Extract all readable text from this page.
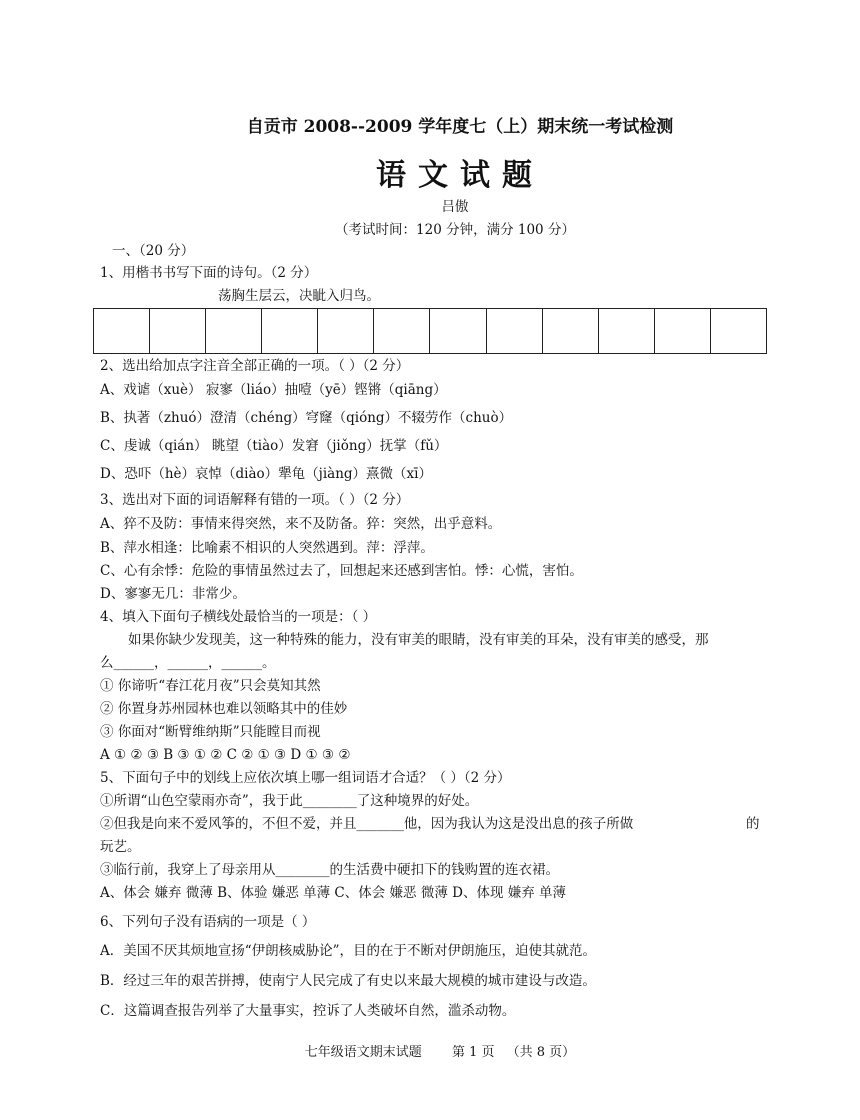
自贡市 2008--2009 学年度七（上）期末统一考试检测
语文试题
吕傲
（考试时间：120 分钟，满分 100 分）
一、（20 分）
1、用楷书书写下面的诗句。（2 分）
荡胸生层云，决眦入归鸟。
2、选出给加点字注音全部正确的一项。（ ）（2 分）
A、戏谑（xuè） 寂寥（liáo）抽噎（yē）铿锵（qiāng）
B、执著（zhuó）澄清（chéng）穹窿（qióng）不辍劳作（chuò）
C、虔诚（qián） 眺望（tiào）发窘（jiǒng）抚掌（fǔ）
D、恐吓（hè）哀悼（diào）犟龟（jiàng）熹微（xī）
3、选出对下面的词语解释有错的一项。（ ）（2 分）
A、猝不及防：事情来得突然，来不及防备。猝：突然，出乎意料。
B、萍水相逢：比喻素不相识的人突然遇到。萍：浮萍。
C、心有余悸：危险的事情虽然过去了，回想起来还感到害怕。悸：心慌，害怕。
D、寥寥无几：非常少。
4、填入下面句子横线处最恰当的一项是：（ ）
如果你缺少发现美，这一种特殊的能力，没有审美的眼睛，没有审美的耳朵，没有审美的感受，那
么______，______，______。
① 你谛听“春江花月夜”只会莫知其然
② 你置身苏州园林也难以领略其中的佳妙
③ 你面对“断臂维纳斯”只能瞠目而视
A ① ② ③ B ③ ① ② C ② ① ③ D ① ③ ②
5、下面句子中的划线上应依次填上哪一组词语才合适？（ ）（2 分）
①所谓“山色空蒙雨亦奇”，我于此________了这种境界的好处。
②但我是向来不爱风筝的，不但不爱，并且_______他，因为我认为这是没出息的孩子所做	的
玩艺。
③临行前，我穿上了母亲用从________的生活费中硬扣下的钱购置的连衣裙。
A、体会 嫌弃 微薄 B、体验 嫌恶 单薄 C、体会 嫌恶 微薄 D、体现 嫌弃 单薄
6、下列句子没有语病的一项是（ ）
A．美国不厌其烦地宣扬“伊朗核威胁论”，目的在于不断对伊朗施压，迫使其就范。
B．经过三年的艰苦拼搏，使南宁人民完成了有史以来最大规模的城市建设与改造。
C．这篇调查报告列举了大量事实，控诉了人类破坏自然，滥杀动物。
七年级语文期末试题 第 1 页 （共 8 页）
